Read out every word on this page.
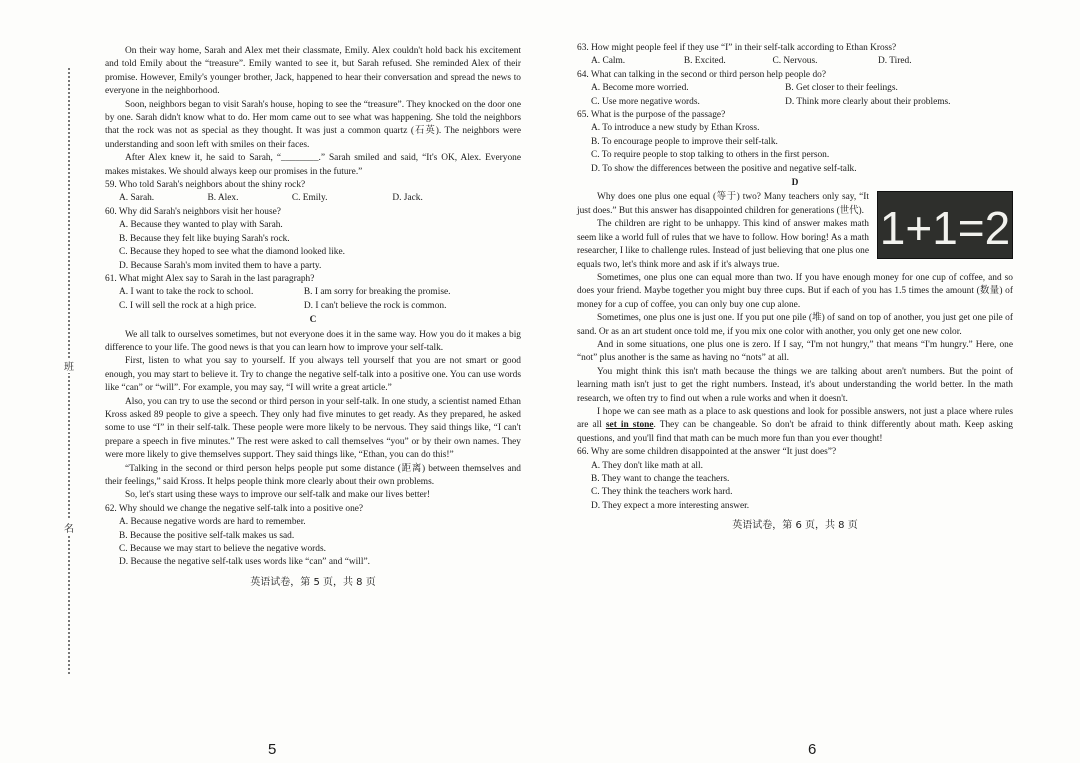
班
名

On their way home, Sarah and Alex met their classmate, Emily. Alex couldn't hold back his excitement and told Emily about the “treasure”. Emily wanted to see it, but Sarah refused. She reminded Alex of their promise. However, Emily's younger brother, Jack, happened to hear their conversation and spread the news to everyone in the neighborhood.

Soon, neighbors began to visit Sarah's house, hoping to see the “treasure”. They knocked on the door one by one. Sarah didn't know what to do. Her mom came out to see what was happening. She told the neighbors that the rock was not as special as they thought. It was just a common quartz (石英). The neighbors were understanding and soon left with smiles on their faces.

After Alex knew it, he said to Sarah, “________.” Sarah smiled and said, “It's OK, Alex. Everyone makes mistakes. We should always keep our promises in the future.”

59. Who told Sarah's neighbors about the shiny rock?

A. Sarah.	B. Alex.	C. Emily.	D. Jack.

60. Why did Sarah's neighbors visit her house?

A. Because they wanted to play with Sarah.
B. Because they felt like buying Sarah's rock.
C. Because they hoped to see what the diamond looked like.
D. Because Sarah's mom invited them to have a party.

61. What might Alex say to Sarah in the last paragraph?

A. I want to take the rock to school.	B. I am sorry for breaking the promise.
C. I will sell the rock at a high price.	D. I can't believe the rock is common.
C

We all talk to ourselves sometimes, but not everyone does it in the same way. How you do it makes a big difference to your life. The good news is that you can learn how to improve your self-talk.

First, listen to what you say to yourself. If you always tell yourself that you are not smart or good enough, you may start to believe it. Try to change the negative self-talk into a positive one. You can use words like “can” or “will”. For example, you may say, “I will write a great article.”

Also, you can try to use the second or third person in your self-talk. In one study, a scientist named Ethan Kross asked 89 people to give a speech. They only had five minutes to get ready. As they prepared, he asked some to use “I” in their self-talk. These people were more likely to be nervous. They said things like, “I can't prepare a speech in five minutes.” The rest were asked to call themselves “you” or by their own names. They were more likely to give themselves support. They said things like, “Ethan, you can do this!”

“Talking in the second or third person helps people put some distance (距离) between themselves and their feelings,” said Kross. It helps people think more clearly about their own problems.

So, let's start using these ways to improve our self-talk and make our lives better!

62. Why should we change the negative self-talk into a positive one?

A. Because negative words are hard to remember.
B. Because the positive self-talk makes us sad.
C. Because we may start to believe the negative words.
D. Because the negative self-talk uses words like “can” and “will”.
英语试卷，第 5 页，共 8 页

63. How might people feel if they use “I” in their self-talk according to Ethan Kross?

A. Calm.	B. Excited.	C. Nervous.	D. Tired.

64. What can talking in the second or third person help people do?

A. Become more worried.	B. Get closer to their feelings.
C. Use more negative words.	D. Think more clearly about their problems.

65. What is the purpose of the passage?

A. To introduce a new study by Ethan Kross.
B. To encourage people to improve their self-talk.
C. To require people to stop talking to others in the first person.
D. To show the differences between the positive and negative self-talk.
D
1+1=2

Why does one plus one equal (等于) two? Many teachers only say, “It just does.” But this answer has disappointed children for generations (世代).

The children are right to be unhappy. This kind of answer makes math seem like a world full of rules that we have to follow. How boring! As a math researcher, I like to challenge rules. Instead of just believing that one plus one equals two, let's think more and ask if it's always true.

Sometimes, one plus one can equal more than two. If you have enough money for one cup of coffee, and so does your friend. Maybe together you might buy three cups. But if each of you has 1.5 times the amount (数量) of money for a cup of coffee, you can only buy one cup alone.

Sometimes, one plus one is just one. If you put one pile (堆) of sand on top of another, you just get one pile of sand. Or as an art student once told me, if you mix one color with another, you only get one new color.

And in some situations, one plus one is zero. If I say, “I'm not hungry,” that means “I'm hungry.” Here, one “not” plus another is the same as having no “nots” at all.

You might think this isn't math because the things we are talking about aren't numbers. But the point of learning math isn't just to get the right numbers. Instead, it's about understanding the world better. In the math research, we often try to find out when a rule works and when it doesn't.

I hope we can see math as a place to ask questions and look for possible answers, not just a place where rules are all set in stone. They can be changeable. So don't be afraid to think differently about math. Keep asking questions, and you'll find that math can be much more fun than you ever thought!

66. Why are some children disappointed at the answer “It just does”?

A. They don't like math at all.
B. They want to change the teachers.
C. They think the teachers work hard.
D. They expect a more interesting answer.
英语试卷，第 6 页，共 8 页
5	6
